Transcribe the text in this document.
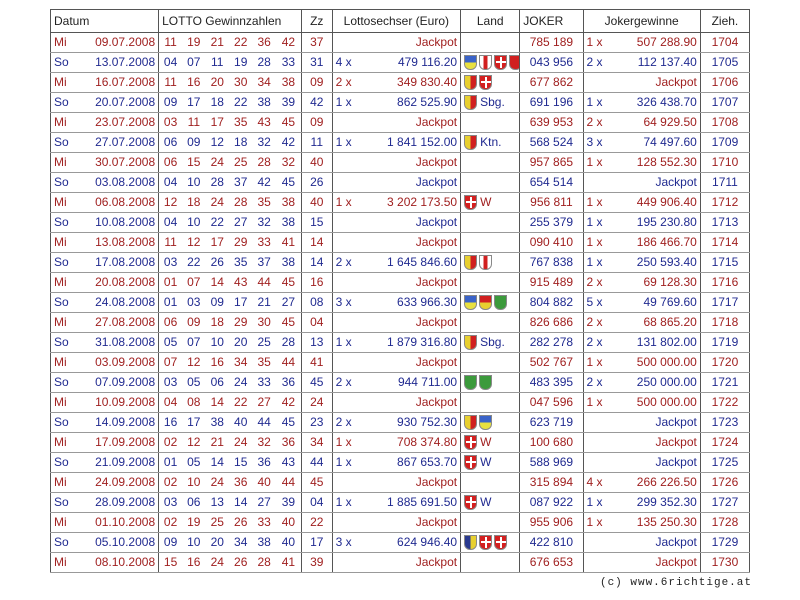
Datum		LOTTO Gewinnzahlen						Zz	Lottosechser (Euro)		Land	JOKER	Jokergewinne		Zieh.
Mi	09.07.2008	11	19	21	22	36	42	37		Jackpot		785 189	1 x	507 288.90	1704
So	13.07.2008	04	07	11	19	28	33	31	4 x	479 116.20		043 956	2 x	112 137.40	1705
Mi	16.07.2008	11	16	20	30	34	38	09	2 x	349 830.40		677 862		Jackpot	1706
So	20.07.2008	09	17	18	22	38	39	42	1 x	862 525.90	Sbg.	691 196	1 x	326 438.70	1707
Mi	23.07.2008	03	11	17	35	43	45	09		Jackpot		639 953	2 x	64 929.50	1708
So	27.07.2008	06	09	12	18	32	42	11	1 x	1 841 152.00	Ktn.	568 524	3 x	74 497.60	1709
Mi	30.07.2008	06	15	24	25	28	32	40		Jackpot		957 865	1 x	128 552.30	1710
So	03.08.2008	04	10	28	37	42	45	26		Jackpot		654 514		Jackpot	1711
Mi	06.08.2008	12	18	24	28	35	38	40	1 x	3 202 173.50	W	956 811	1 x	449 906.40	1712
So	10.08.2008	04	10	22	27	32	38	15		Jackpot		255 379	1 x	195 230.80	1713
Mi	13.08.2008	11	12	17	29	33	41	14		Jackpot		090 410	1 x	186 466.70	1714
So	17.08.2008	03	22	26	35	37	38	14	2 x	1 645 846.60		767 838	1 x	250 593.40	1715
Mi	20.08.2008	01	07	14	43	44	45	16		Jackpot		915 489	2 x	69 128.30	1716
So	24.08.2008	01	03	09	17	21	27	08	3 x	633 966.30		804 882	5 x	49 769.60	1717
Mi	27.08.2008	06	09	18	29	30	45	04		Jackpot		826 686	2 x	68 865.20	1718
So	31.08.2008	05	07	10	20	25	28	13	1 x	1 879 316.80	Sbg.	282 278	2 x	131 802.00	1719
Mi	03.09.2008	07	12	16	34	35	44	41		Jackpot		502 767	1 x	500 000.00	1720
So	07.09.2008	03	05	06	24	33	36	45	2 x	944 711.00		483 395	2 x	250 000.00	1721
Mi	10.09.2008	04	08	14	22	27	42	24		Jackpot		047 596	1 x	500 000.00	1722
So	14.09.2008	16	17	38	40	44	45	23	2 x	930 752.30		623 719		Jackpot	1723
Mi	17.09.2008	02	12	21	24	32	36	34	1 x	708 374.80	W	100 680		Jackpot	1724
So	21.09.2008	01	05	14	15	36	43	44	1 x	867 653.70	W	588 969		Jackpot	1725
Mi	24.09.2008	02	10	24	36	40	44	45		Jackpot		315 894	4 x	266 226.50	1726
So	28.09.2008	03	06	13	14	27	39	04	1 x	1 885 691.50	W	087 922	1 x	299 352.30	1727
Mi	01.10.2008	02	19	25	26	33	40	22		Jackpot		955 906	1 x	135 250.30	1728
So	05.10.2008	09	10	20	34	38	40	17	3 x	624 946.40		422 810		Jackpot	1729
Mi	08.10.2008	15	16	24	26	28	41	39		Jackpot		676 653		Jackpot	1730
(c) www.6richtige.at
